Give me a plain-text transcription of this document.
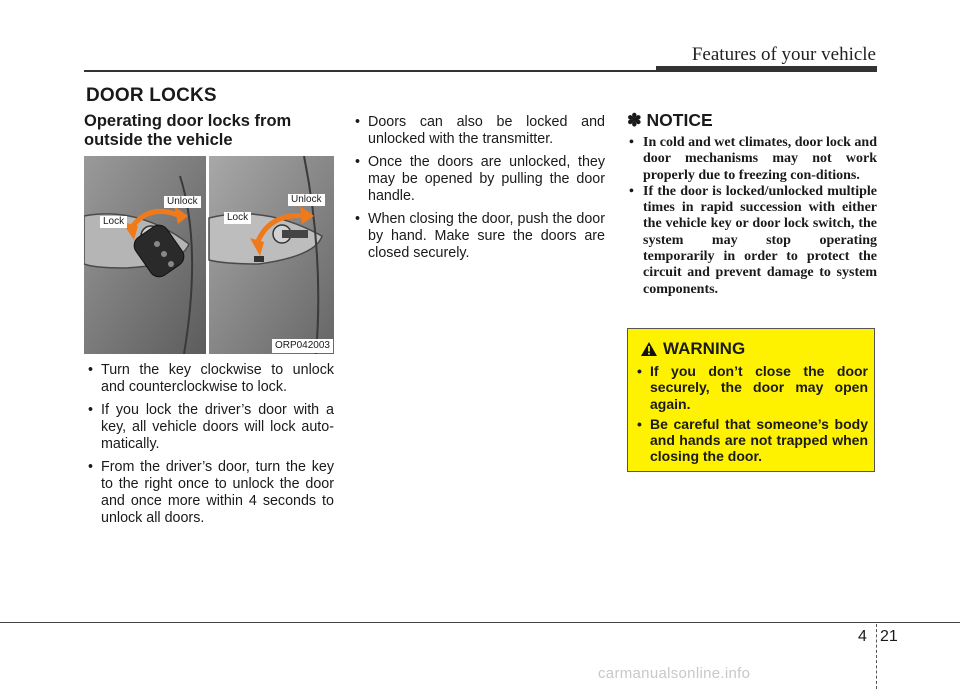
Features of your vehicle
DOOR LOCKS
Operating door locks from outside the vehicle
Lock
Unlock
Lock
Unlock
ORP042003
• Turn the key clockwise to unlock and counterclockwise to lock.
• If you lock the driver’s door with a key, all vehicle doors will lock auto-matically.
• From the driver’s door, turn the key to the right once to unlock the door and once more within 4 seconds to unlock all doors.
• Doors can also be locked and unlocked with the transmitter.
• Once the doors are unlocked, they may be opened by pulling the door handle.
• When closing the door, push the door by hand. Make sure the doors are closed securely.
✽ NOTICE
• In cold and wet climates, door lock and door mechanisms may not work properly due to freezing con-ditions.
• If the door is locked/unlocked multiple times in rapid succession with either the vehicle key or door lock switch, the system may stop operating temporarily in order to protect the circuit and prevent damage to system components.
WARNING
• If you don’t close the door securely, the door may open again.
• Be careful that someone’s body and hands are not trapped when closing the door.
4 21
carmanualsonline.info
